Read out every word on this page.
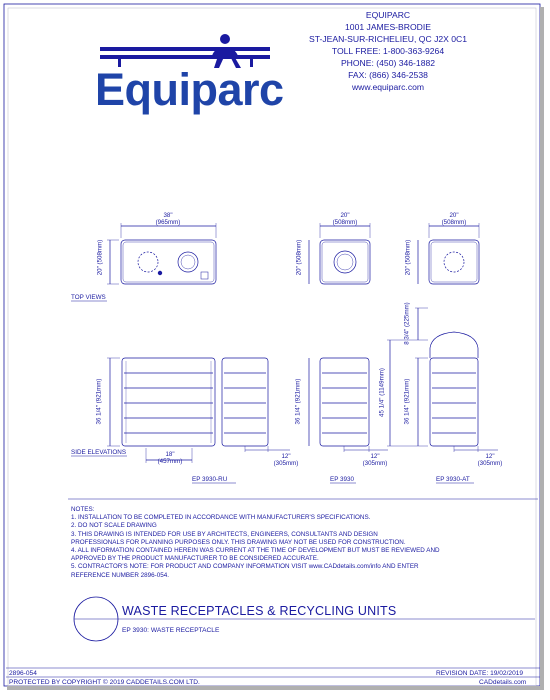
Equiparc
EQUIPARC
1001 JAMES-BRODIE
ST-JEAN-SUR-RICHELIEU, QC J2X 0C1
TOLL FREE: 1-800-363-9264
PHONE: (450) 346-1882
FAX: (866) 346-2538
www.equiparc.com
38"
(965mm)
20"
(508mm)
20"
(508mm)
20" (508mm)
20" (508mm)
20" (508mm)
TOP VIEWS
36 1/4" (921mm)
36 1/4" (921mm)
36 1/4" (921mm)
45 1/4" (1149mm)
8 3/4" (225mm)
18"
(457mm)
12"
(305mm)
12"
(305mm)
12"
(305mm)
SIDE ELEVATIONS
EP 3930-RU	EP 3930	EP 3930-AT
NOTES:
1. INSTALLATION TO BE COMPLETED IN ACCORDANCE WITH MANUFACTURER'S SPECIFICATIONS.
2. DO NOT SCALE DRAWING
3. THIS DRAWING IS INTENDED FOR USE BY ARCHITECTS, ENGINEERS, CONSULTANTS AND DESIGN
PROFESSIONALS FOR PLANNING PURPOSES ONLY. THIS DRAWING MAY NOT BE USED FOR CONSTRUCTION.
4. ALL INFORMATION CONTAINED HEREIN WAS CURRENT AT THE TIME OF DEVELOPMENT BUT MUST BE REVIEWED AND
APPROVED BY THE PRODUCT MANUFACTURER TO BE CONSIDERED ACCURATE.
5. CONTRACTOR'S NOTE: FOR PRODUCT AND COMPANY INFORMATION VISIT www.CADdetails.com/info AND ENTER
REFERENCE NUMBER 2896-054.
WASTE RECEPTACLES & RECYCLING UNITS
EP 3930: WASTE RECEPTACLE
2896-054	REVISION DATE: 19/02/2019
PROTECTED BY COPYRIGHT © 2019 CADDETAILS.COM LTD.	CADdetails.com
